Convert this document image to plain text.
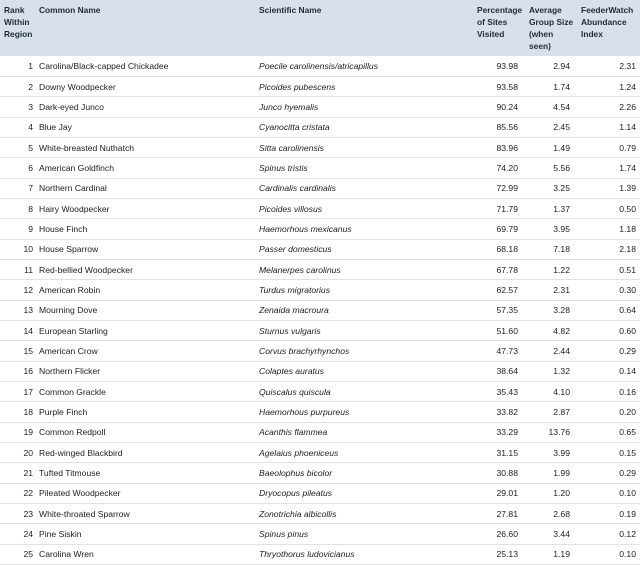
Rank Within Region	Common Name	Scientific Name	Percentage of Sites Visited	Average Group Size (when seen)	FeederWatch Abundance Index
1	Carolina/Black-capped Chickadee	Poecile carolinensis/atricapillus	93.98	2.94	2.31
2	Downy Woodpecker	Picoides pubescens	93.58	1.74	1.24
3	Dark-eyed Junco	Junco hyemalis	90.24	4.54	2.26
4	Blue Jay	Cyanocitta cristata	85.56	2.45	1.14
5	White-breasted Nuthatch	Sitta carolinensis	83.96	1.49	0.79
6	American Goldfinch	Spinus tristis	74.20	5.56	1.74
7	Northern Cardinal	Cardinalis cardinalis	72.99	3.25	1.39
8	Hairy Woodpecker	Picoides villosus	71.79	1.37	0.50
9	House Finch	Haemorhous mexicanus	69.79	3.95	1.18
10	House Sparrow	Passer domesticus	68.18	7.18	2.18
11	Red-bellied Woodpecker	Melanerpes carolinus	67.78	1.22	0.51
12	American Robin	Turdus migratorius	62.57	2.31	0.30
13	Mourning Dove	Zenaida macroura	57.35	3.28	0.64
14	European Starling	Sturnus vulgaris	51.60	4.82	0.60
15	American Crow	Corvus brachyrhynchos	47.73	2.44	0.29
16	Northern Flicker	Colaptes auratus	38.64	1.32	0.14
17	Common Grackle	Quiscalus quiscula	35.43	4.10	0.16
18	Purple Finch	Haemorhous purpureus	33.82	2.87	0.20
19	Common Redpoll	Acanthis flammea	33.29	13.76	0.65
20	Red-winged Blackbird	Agelaius phoeniceus	31.15	3.99	0.15
21	Tufted Titmouse	Baeolophus bicolor	30.88	1.99	0.29
22	Pileated Woodpecker	Dryocopus pileatus	29.01	1.20	0.10
23	White-throated Sparrow	Zonotrichia albicollis	27.81	2.68	0.19
24	Pine Siskin	Spinus pinus	26.60	3.44	0.12
25	Carolina Wren	Thryothorus ludovicianus	25.13	1.19	0.10
